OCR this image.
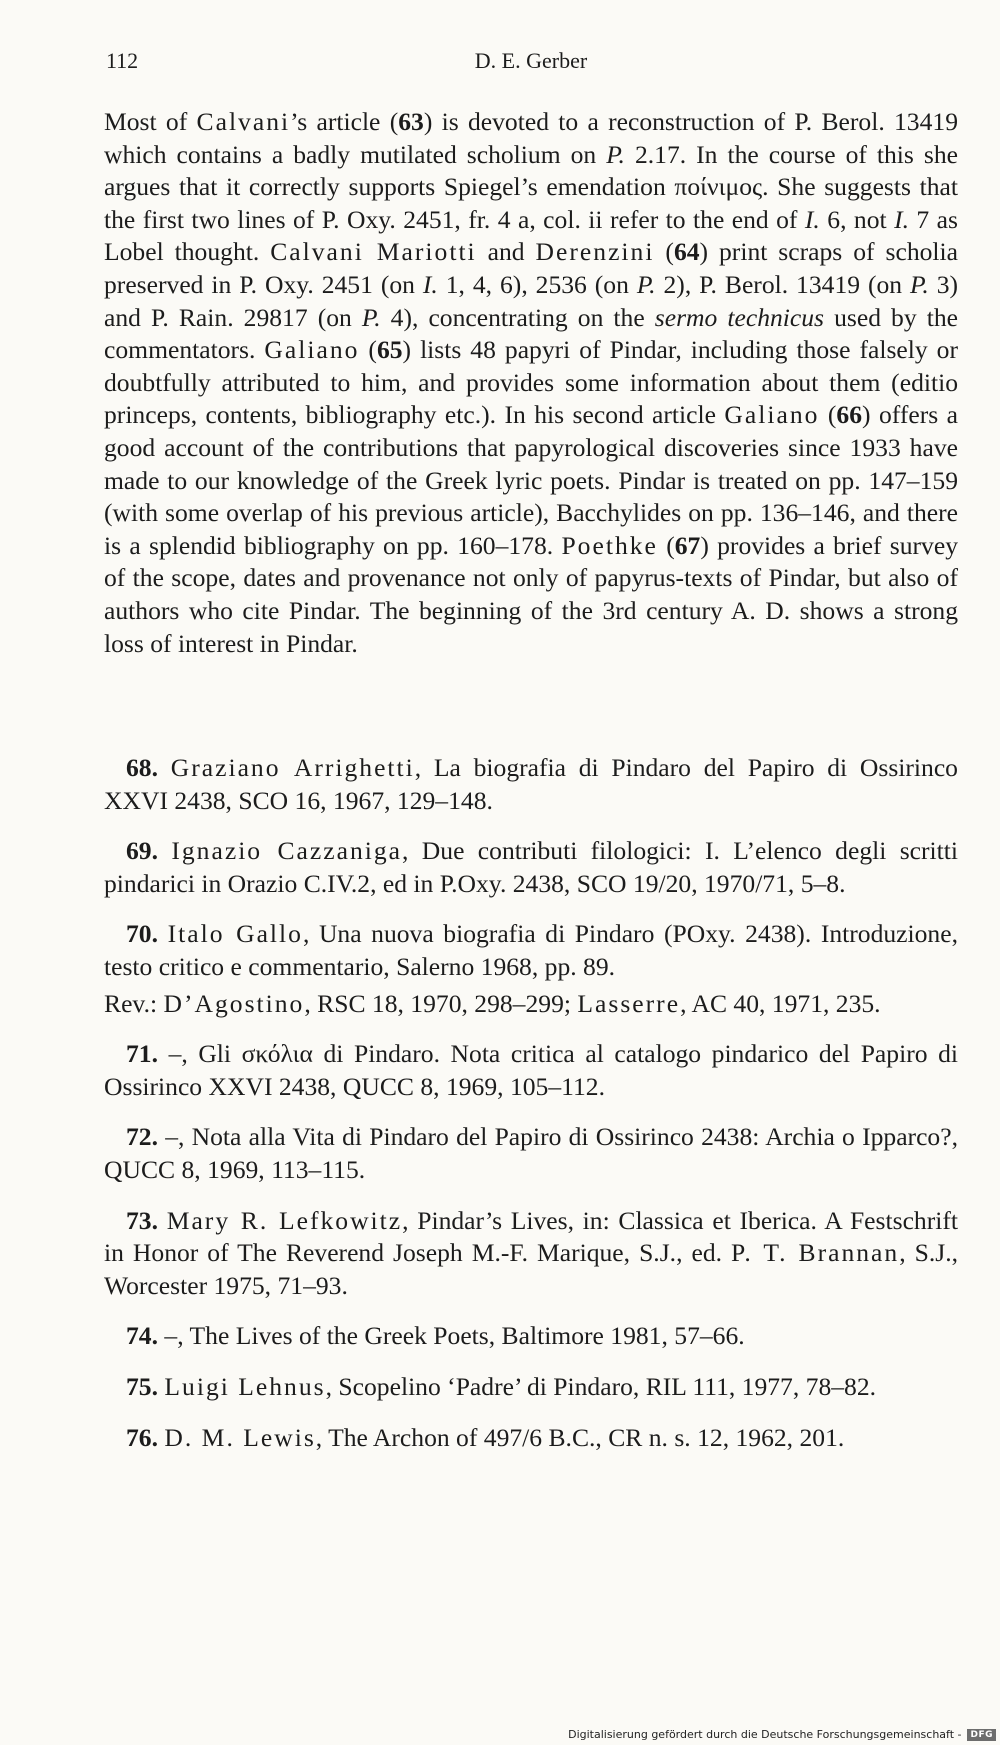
112	D. E. Gerber

Most of Calvani’s article (63) is devoted to a reconstruction of P. Berol. 13419 which contains a badly mutilated scholium on P. 2.17. In the course of this she argues that it correctly supports Spiegel’s emendation ποίνιμος. She suggests that the first two lines of P. Oxy. 2451, fr. 4 a, col. ii refer to the end of I. 6, not I. 7 as Lobel thought. Calvani Mariotti and Derenzini (64) print scraps of scholia preserved in P. Oxy. 2451 (on I. 1, 4, 6), 2536 (on P. 2), P. Berol. 13419 (on P. 3) and P. Rain. 29817 (on P. 4), concentrating on the sermo technicus used by the commentators. Galiano (65) lists 48 papyri of Pindar, including those falsely or doubtfully attributed to him, and provides some information about them (editio princeps, contents, bibliography etc.). In his second article Galiano (66) offers a good account of the contributions that papyrological discoveries since 1933 have made to our knowledge of the Greek lyric poets. Pindar is treated on pp. 147–159 (with some overlap of his previous article), Bacchylides on pp. 136–146, and there is a splendid bibliography on pp. 160–178. Poethke (67) provides a brief survey of the scope, dates and provenance not only of papyrus-texts of Pindar, but also of authors who cite Pindar. The beginning of the 3rd century A. D. shows a strong loss of interest in Pindar.

68. Graziano Arrighetti, La biografia di Pindaro del Papiro di Ossirinco XXVI 2438, SCO 16, 1967, 129–148.

69. Ignazio Cazzaniga, Due contributi filologici: I. L’elenco degli scritti pindarici in Orazio C.IV.2, ed in P.Oxy. 2438, SCO 19/20, 1970/71, 5–8.

70. Italo Gallo, Una nuova biografia di Pindaro (POxy. 2438). Introduzione, testo critico e commentario, Salerno 1968, pp. 89.

Rev.: D’Agostino, RSC 18, 1970, 298–299; Lasserre, AC 40, 1971, 235.

71. –, Gli σκόλια di Pindaro. Nota critica al catalogo pindarico del Papiro di Ossirinco XXVI 2438, QUCC 8, 1969, 105–112.

72. –, Nota alla Vita di Pindaro del Papiro di Ossirinco 2438: Archia o Ipparco?, QUCC 8, 1969, 113–115.

73. Mary R. Lefkowitz, Pindar’s Lives, in: Classica et Iberica. A Festschrift in Honor of The Reverend Joseph M.-F. Marique, S.J., ed. P. T. Brannan, S.J., Worcester 1975, 71–93.

74. –, The Lives of the Greek Poets, Baltimore 1981, 57–66.

75. Luigi Lehnus, Scopelino ‘Padre’ di Pindaro, RIL 111, 1977, 78–82.

76. D. M. Lewis, The Archon of 497/6 B.C., CR n. s. 12, 1962, 201.

Digitalisierung gefördert durch die Deutsche Forschungsgemeinschaft -	DFG
